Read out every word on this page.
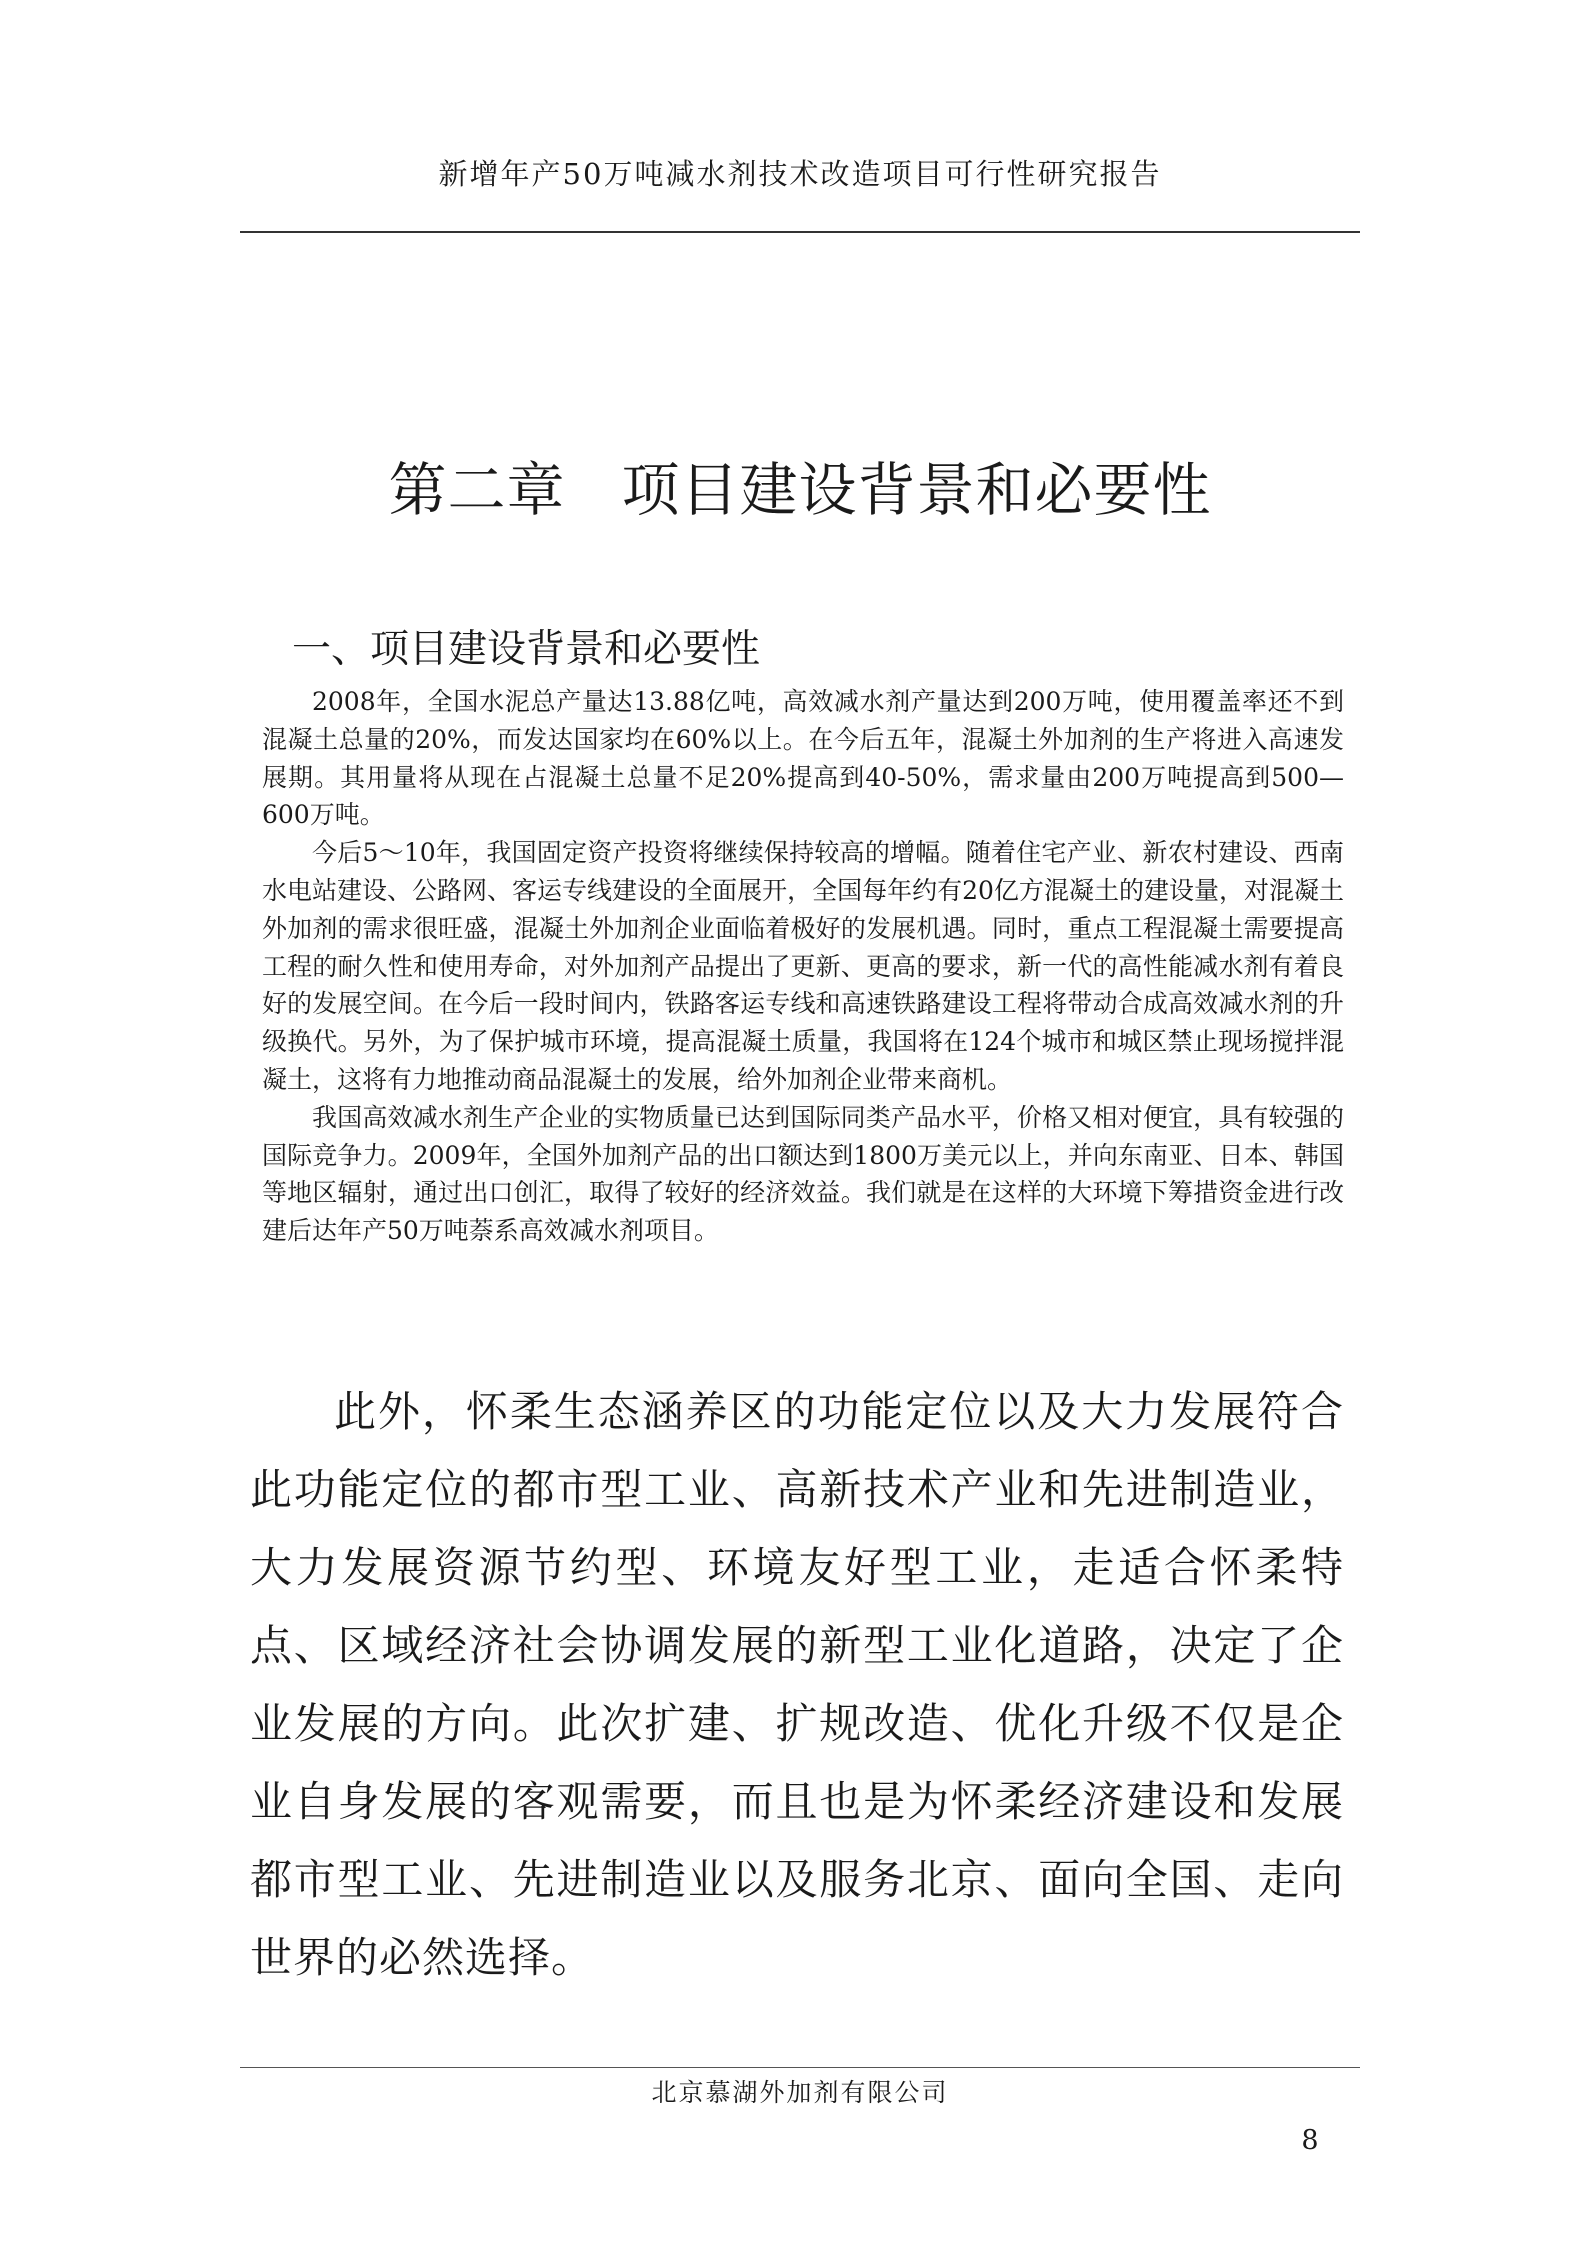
新增年产50万吨减水剂技术改造项目可行性研究报告
第二章 项目建设背景和必要性
一、项目建设背景和必要性

2008年，全国水泥总产量达13.88亿吨，高效减水剂产量达到200万吨，使用覆盖率还不到混凝土总量的20%，而发达国家均在60%以上。在今后五年，混凝土外加剂的生产将进入高速发展期。其用量将从现在占混凝土总量不足20%提高到40-50%，需求量由200万吨提高到500—600万吨。

今后5～10年，我国固定资产投资将继续保持较高的增幅。随着住宅产业、新农村建设、西南水电站建设、公路网、客运专线建设的全面展开，全国每年约有20亿方混凝土的建设量，对混凝土外加剂的需求很旺盛，混凝土外加剂企业面临着极好的发展机遇。同时，重点工程混凝土需要提高工程的耐久性和使用寿命，对外加剂产品提出了更新、更高的要求，新一代的高性能减水剂有着良好的发展空间。在今后一段时间内，铁路客运专线和高速铁路建设工程将带动合成高效减水剂的升级换代。另外，为了保护城市环境，提高混凝土质量，我国将在124个城市和城区禁止现场搅拌混凝土，这将有力地推动商品混凝土的发展，给外加剂企业带来商机。

我国高效减水剂生产企业的实物质量已达到国际同类产品水平，价格又相对便宜，具有较强的国际竞争力。2009年，全国外加剂产品的出口额达到1800万美元以上，并向东南亚、日本、韩国等地区辐射，通过出口创汇，取得了较好的经济效益。我们就是在这样的大环境下筹措资金进行改建后达年产50万吨萘系高效减水剂项目。

此外，怀柔生态涵养区的功能定位以及大力发展符合此功能定位的都市型工业、高新技术产业和先进制造业，大力发展资源节约型、环境友好型工业，走适合怀柔特点、区域经济社会协调发展的新型工业化道路，决定了企业发展的方向。此次扩建、扩规改造、优化升级不仅是企业自身发展的客观需要，而且也是为怀柔经济建设和发展都市型工业、先进制造业以及服务北京、面向全国、走向世界的必然选择。

北京慕湖外加剂有限公司
8
